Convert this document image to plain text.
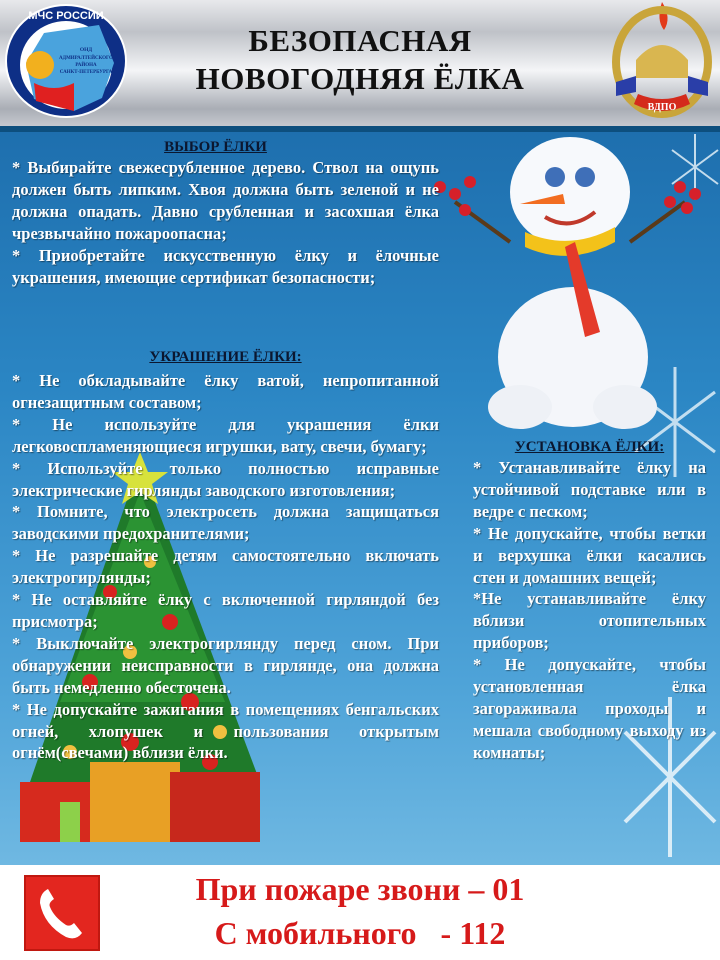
МЧС РОССИИ
ОНД
АДМИРАЛТЕЙСКОГО
РАЙОНА
САНКТ-ПЕТЕРБУРГА
БЕЗОПАСНАЯ
НОВОГОДНЯЯ ЁЛКА
ВДПО
ВЫБОР ЁЛКИ

* Выбирайте свежесрубленное дерево. Ствол на ощупь должен быть липким. Хвоя должна быть зеленой и не должна опадать. Давно срубленная и засохшая ёлка чрезвычайно пожароопасна;

* Приобретайте искусственную ёлку и ёлочные украшения, имеющие сертификат безопасности;

УКРАШЕНИЕ ЁЛКИ:

* Не обкладывайте ёлку ватой, непропитанной огнезащитным составом;

* Не используйте для украшения ёлки легковоспламеняющиеся игрушки, вату, свечи, бумагу;

* Используйте только полностью исправные электрические гирлянды заводского изготовления;

* Помните, что электросеть должна защищаться заводскими предохранителями;

* Не разрешайте детям самостоятельно включать электрогирлянды;

* Не оставляйте ёлку с включенной гирляндой без присмотра;

* Выключайте электрогирлянду перед сном. При обнаружении неисправности в гирлянде, она должна быть немедленно обесточена.

* Не допускайте зажигания в помещениях бенгальских огней, хлопушек и пользования открытым огнём(свечами) вблизи ёлки.

УСТАНОВКА ЁЛКИ:

* Устанавливайте ёлку на устойчивой подставке или в ведре с песком;

* Не допускайте, чтобы ветки и верхушка ёлки касались стен и домашних вещей;

*Не устанавливайте ёлку вблизи отопительных приборов;

* Не допускайте, чтобы установленная ёлка загораживала проходы и мешала свободному выходу из комнаты;

При пожаре звони – 01
С мобильного   - 112
